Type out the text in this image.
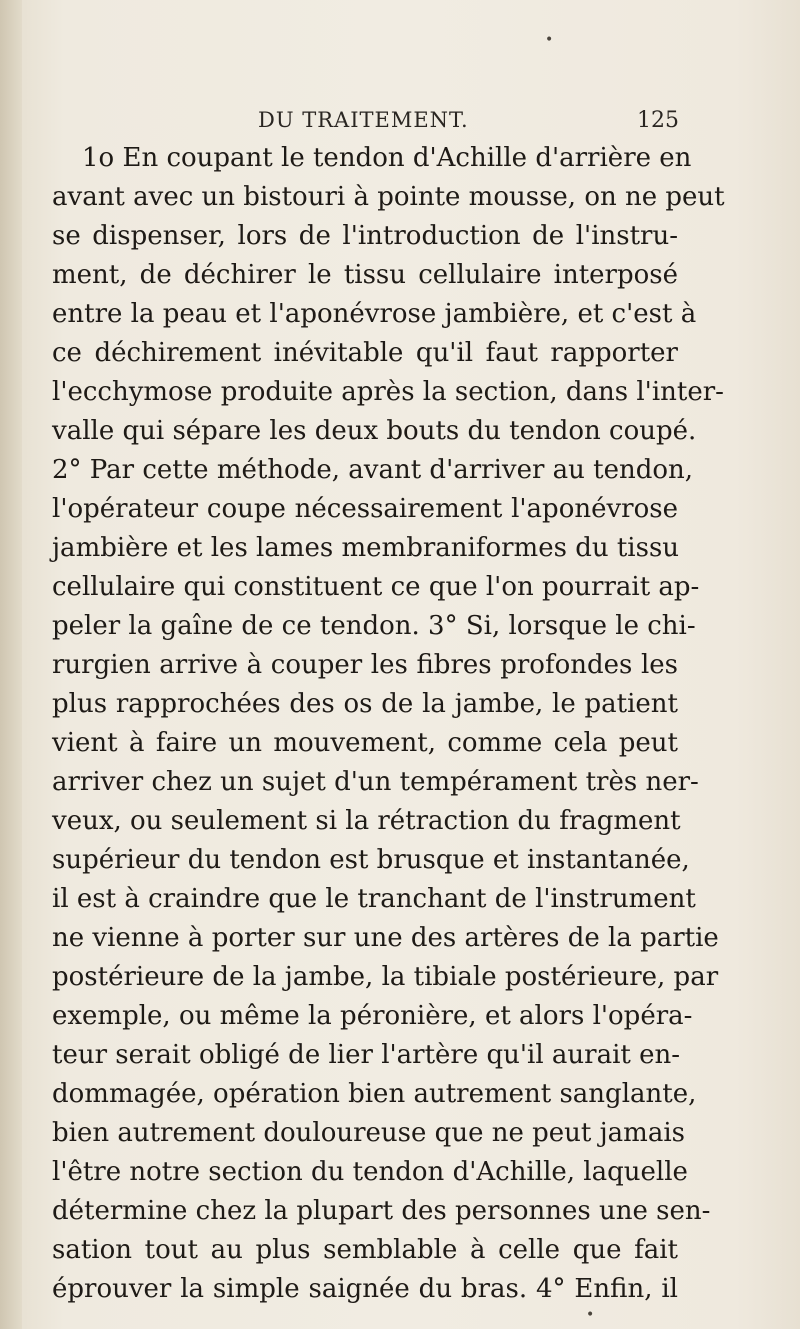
DU TRAITEMENT.	125
1o En coupant le tendon d'Achille d'arrière en
avant avec un bistouri à pointe mousse, on ne peut
se dispenser, lors de l'introduction de l'instru-
ment, de déchirer le tissu cellulaire interposé
entre la peau et l'aponévrose jambière, et c'est à
ce déchirement inévitable qu'il faut rapporter
l'ecchymose produite après la section, dans l'inter-
valle qui sépare les deux bouts du tendon coupé.
2° Par cette méthode, avant d'arriver au tendon,
l'opérateur coupe nécessairement l'aponévrose
jambière et les lames membraniformes du tissu
cellulaire qui constituent ce que l'on pourrait ap-
peler la gaîne de ce tendon. 3° Si, lorsque le chi-
rurgien arrive à couper les fibres profondes les
plus rapprochées des os de la jambe, le patient
vient à faire un mouvement, comme cela peut
arriver chez un sujet d'un tempérament très ner-
veux, ou seulement si la rétraction du fragment
supérieur du tendon est brusque et instantanée,
il est à craindre que le tranchant de l'instrument
ne vienne à porter sur une des artères de la partie
postérieure de la jambe, la tibiale postérieure, par
exemple, ou même la péronière, et alors l'opéra-
teur serait obligé de lier l'artère qu'il aurait en-
dommagée, opération bien autrement sanglante,
bien autrement douloureuse que ne peut jamais
l'être notre section du tendon d'Achille, laquelle
détermine chez la plupart des personnes une sen-
sation tout au plus semblable à celle que fait
éprouver la simple saignée du bras. 4° Enfin, il
•
•
